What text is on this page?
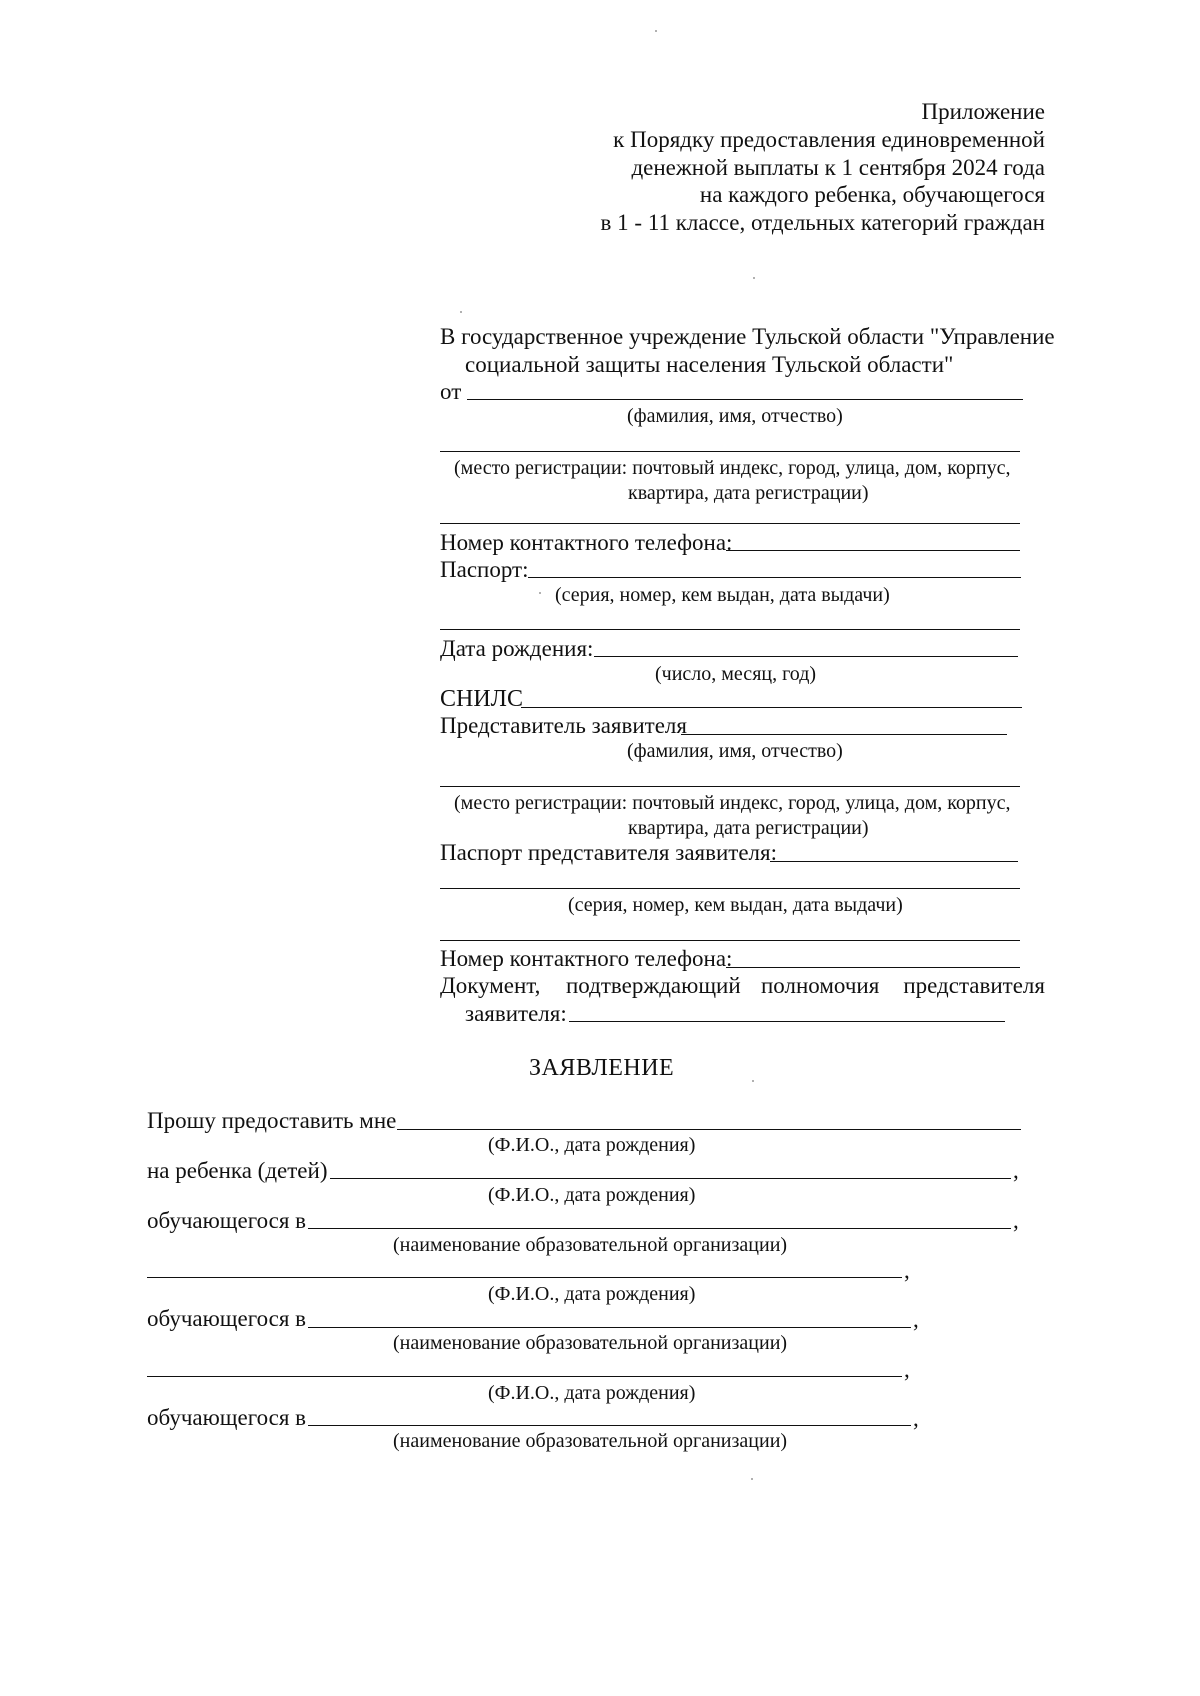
Приложение
к Порядку предоставления единовременной
денежной выплаты к 1 сентября 2024 года
на каждого ребенка, обучающегося
в 1 - 11 классе, отдельных категорий граждан
В государственное учреждение Тульской области "Управление
социальной защиты населения Тульской области"
от
(фамилия, имя, отчество)
(место регистрации: почтовый индекс, город, улица, дом, корпус,
квартира, дата регистрации)
Номер контактного телефона:
Паспорт:
(серия, номер, кем выдан, дата выдачи)
Дата рождения:
(число, месяц, год)
СНИЛС
Представитель заявителя
(фамилия, имя, отчество)
(место регистрации: почтовый индекс, город, улица, дом, корпус,
квартира, дата регистрации)
Паспорт представителя заявителя:
(серия, номер, кем выдан, дата выдачи)
Номер контактного телефона:
Документ, подтверждающий полномочия представителя
заявителя:
ЗАЯВЛЕНИЕ
Прошу предоставить мне
(Ф.И.О., дата рождения)
на ребенка (детей)	,
(Ф.И.О., дата рождения)
обучающегося в	,
(наименование образовательной организации)
,
(Ф.И.О., дата рождения)
обучающегося в	,
(наименование образовательной организации)
,
(Ф.И.О., дата рождения)
обучающегося в	,
(наименование образовательной организации)
